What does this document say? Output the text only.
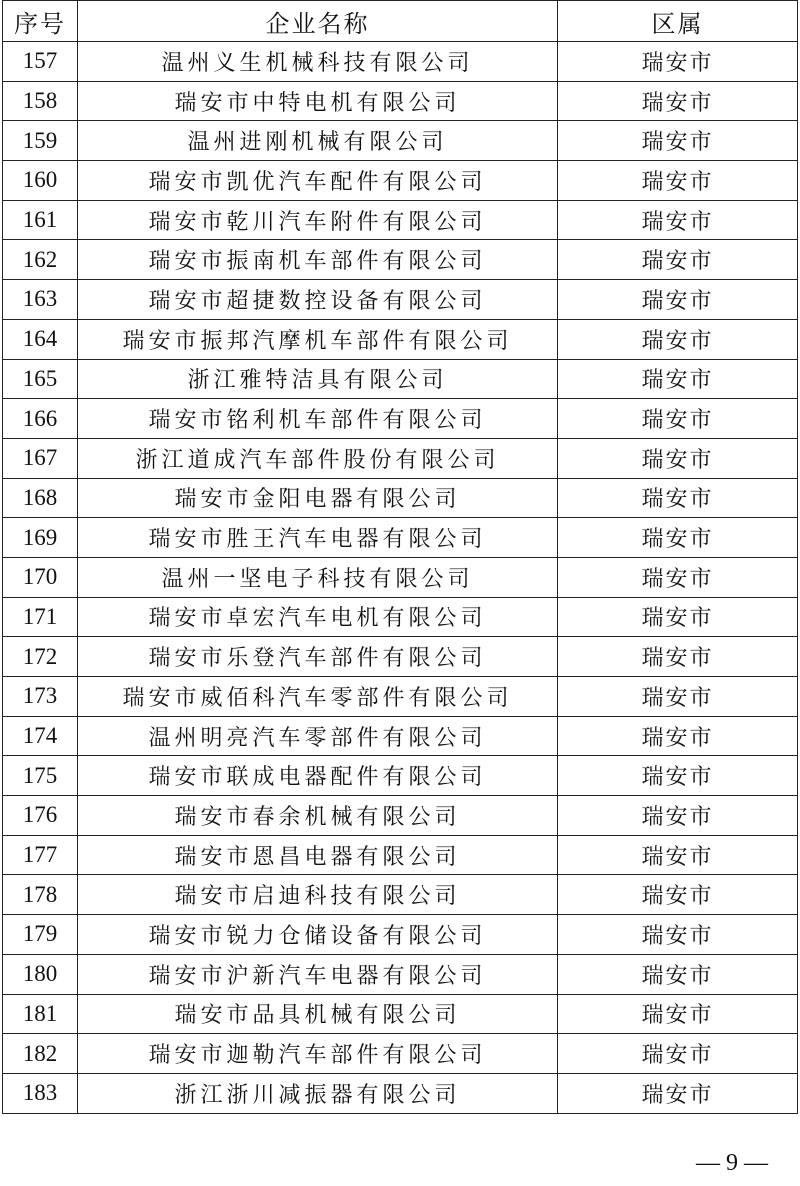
序号	企业名称	区属
157	温州义生机械科技有限公司	瑞安市
158	瑞安市中特电机有限公司	瑞安市
159	温州进刚机械有限公司	瑞安市
160	瑞安市凯优汽车配件有限公司	瑞安市
161	瑞安市乾川汽车附件有限公司	瑞安市
162	瑞安市振南机车部件有限公司	瑞安市
163	瑞安市超捷数控设备有限公司	瑞安市
164	瑞安市振邦汽摩机车部件有限公司	瑞安市
165	浙江雅特洁具有限公司	瑞安市
166	瑞安市铭利机车部件有限公司	瑞安市
167	浙江道成汽车部件股份有限公司	瑞安市
168	瑞安市金阳电器有限公司	瑞安市
169	瑞安市胜王汽车电器有限公司	瑞安市
170	温州一坚电子科技有限公司	瑞安市
171	瑞安市卓宏汽车电机有限公司	瑞安市
172	瑞安市乐登汽车部件有限公司	瑞安市
173	瑞安市威佰科汽车零部件有限公司	瑞安市
174	温州明亮汽车零部件有限公司	瑞安市
175	瑞安市联成电器配件有限公司	瑞安市
176	瑞安市春余机械有限公司	瑞安市
177	瑞安市恩昌电器有限公司	瑞安市
178	瑞安市启迪科技有限公司	瑞安市
179	瑞安市锐力仓储设备有限公司	瑞安市
180	瑞安市沪新汽车电器有限公司	瑞安市
181	瑞安市品具机械有限公司	瑞安市
182	瑞安市迦勒汽车部件有限公司	瑞安市
183	浙江浙川减振器有限公司	瑞安市
— 9 —
